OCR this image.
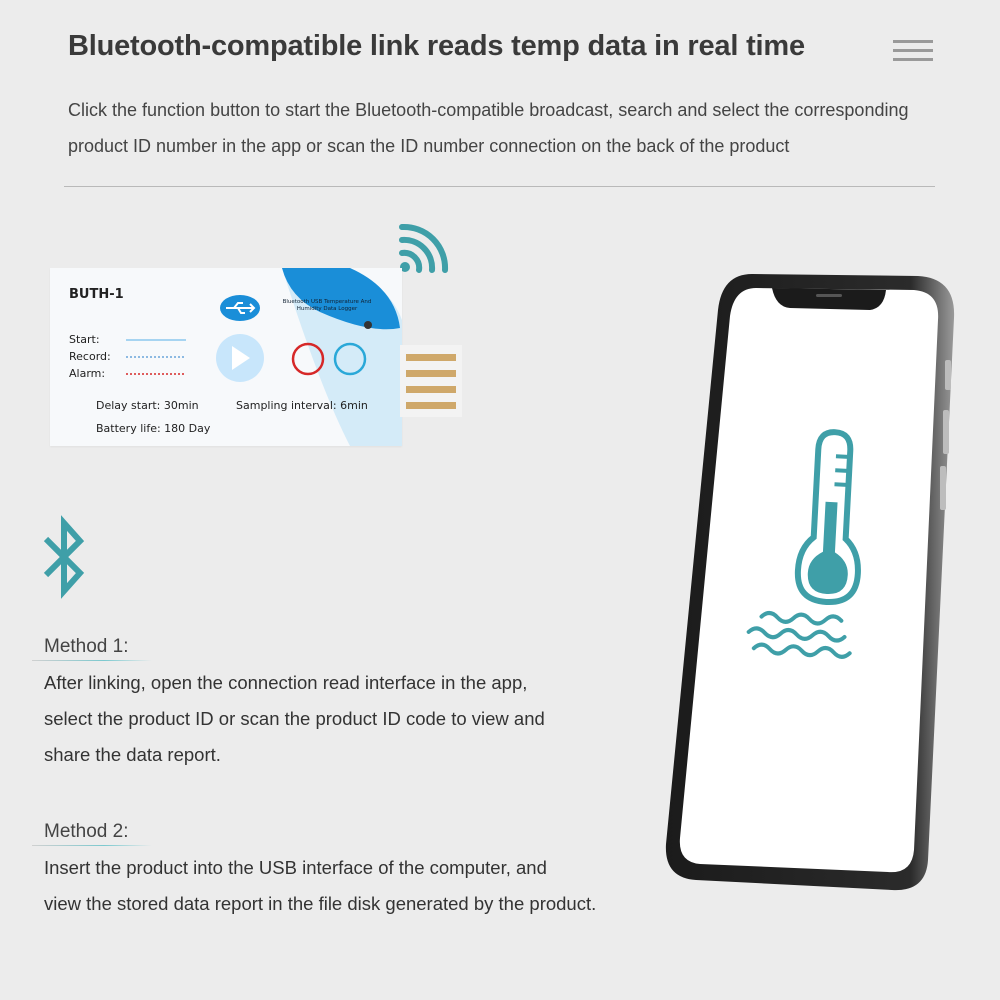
Bluetooth-compatible link reads temp data in real time

Click the function button to start the Bluetooth-compatible broadcast, search and select the corresponding product ID number in the app or scan the ID number connection on the back of the product

BUTH-1	Bluetooth USB Temperature And Humidity Data Logger
Start:
Record:
Alarm:
Delay start: 30min	Sampling interval: 6min
Battery life: 180 Day
Method 1:

After linking, open the connection read interface in the app,
select the product ID or scan the product ID code to view and
share the data report.

Method 2:

Insert the product into the USB interface of the computer, and
view the stored data report in the file disk generated by the product.
